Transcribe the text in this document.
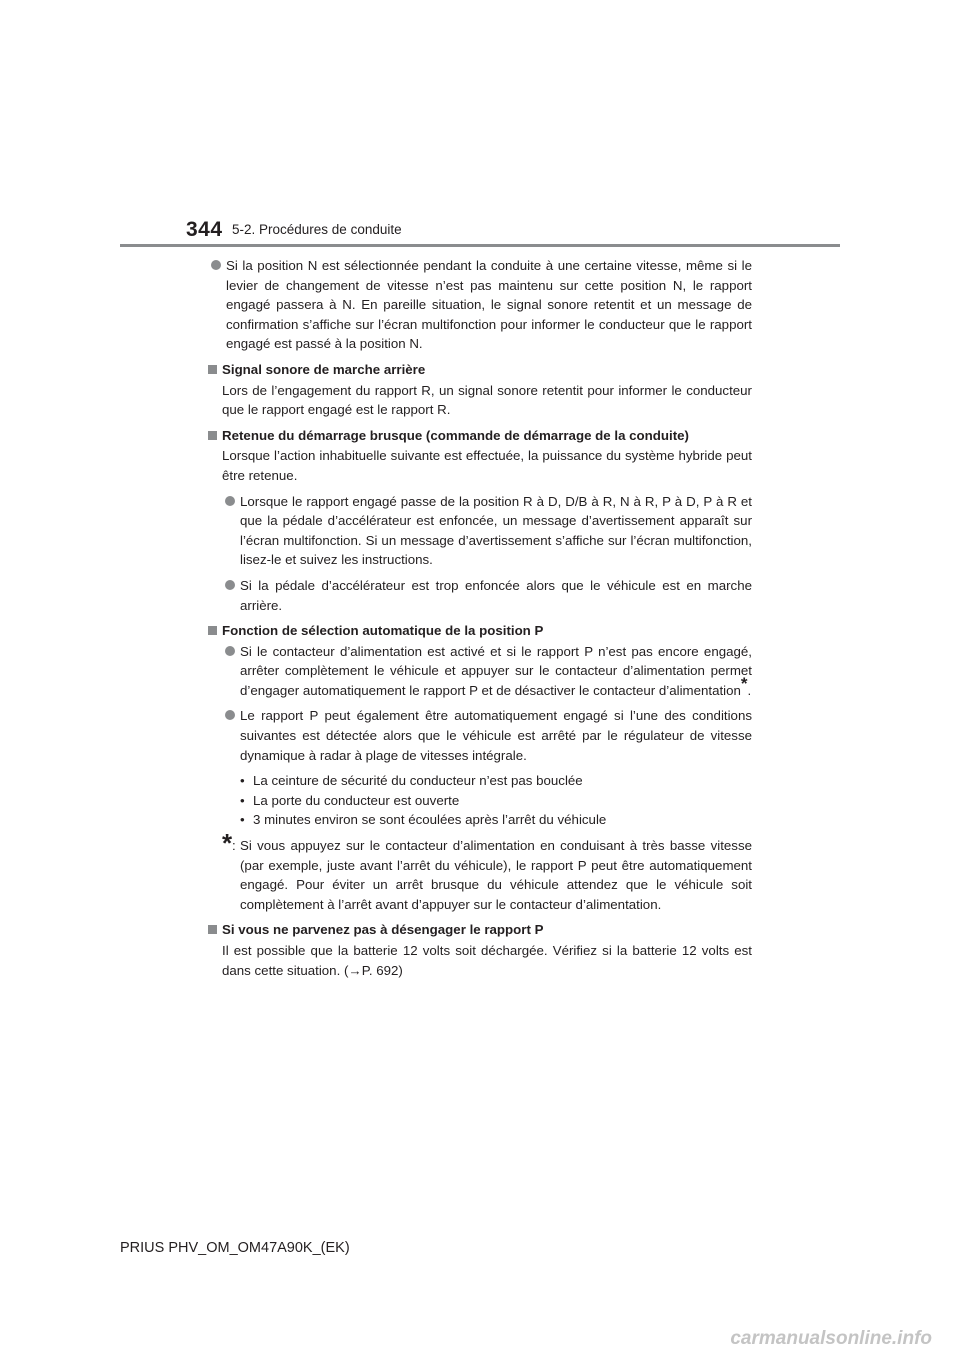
344 5-2. Procédures de conduite
Si la position N est sélectionnée pendant la conduite à une certaine vitesse, même si le levier de changement de vitesse n’est pas maintenu sur cette position N, le rapport engagé passera à N. En pareille situation, le signal sonore retentit et un message de confirmation s’affiche sur l’écran multifonction pour informer le conducteur que le rapport engagé est passé à la position N.
Signal sonore de marche arrière
Lors de l’engagement du rapport R, un signal sonore retentit pour informer le conducteur que le rapport engagé est le rapport R.
Retenue du démarrage brusque (commande de démarrage de la conduite)
Lorsque l’action inhabituelle suivante est effectuée, la puissance du système hybride peut être retenue.
Lorsque le rapport engagé passe de la position R à D, D/B à R, N à R, P à D, P à R et que la pédale d’accélérateur est enfoncée, un message d’avertissement apparaît sur l’écran multifonction. Si un message d’avertissement s’affiche sur l’écran multifonction, lisez-le et suivez les instructions.
Si la pédale d’accélérateur est trop enfoncée alors que le véhicule est en marche arrière.
Fonction de sélection automatique de la position P
Si le contacteur d’alimentation est activé et si le rapport P n’est pas encore engagé, arrêter complètement le véhicule et appuyer sur le contacteur d’alimentation permet d’engager automatiquement le rapport P et de désactiver le contacteur d’alimentation*.
Le rapport P peut également être automatiquement engagé si l’une des conditions suivantes est détectée alors que le véhicule est arrêté par le régulateur de vitesse dynamique à radar à plage de vitesses intégrale.
• La ceinture de sécurité du conducteur n’est pas bouclée
• La porte du conducteur est ouverte
• 3 minutes environ se sont écoulées après l’arrêt du véhicule
* : Si vous appuyez sur le contacteur d’alimentation en conduisant à très basse vitesse (par exemple, juste avant l’arrêt du véhicule), le rapport P peut être automatiquement engagé. Pour éviter un arrêt brusque du véhicule attendez que le véhicule soit complètement à l’arrêt avant d’appuyer sur le contacteur d’alimentation.
Si vous ne parvenez pas à désengager le rapport P
Il est possible que la batterie 12 volts soit déchargée. Vérifiez si la batterie 12 volts est dans cette situation. (→P. 692)
PRIUS PHV_OM_OM47A90K_(EK)
carmanualsonline.info
